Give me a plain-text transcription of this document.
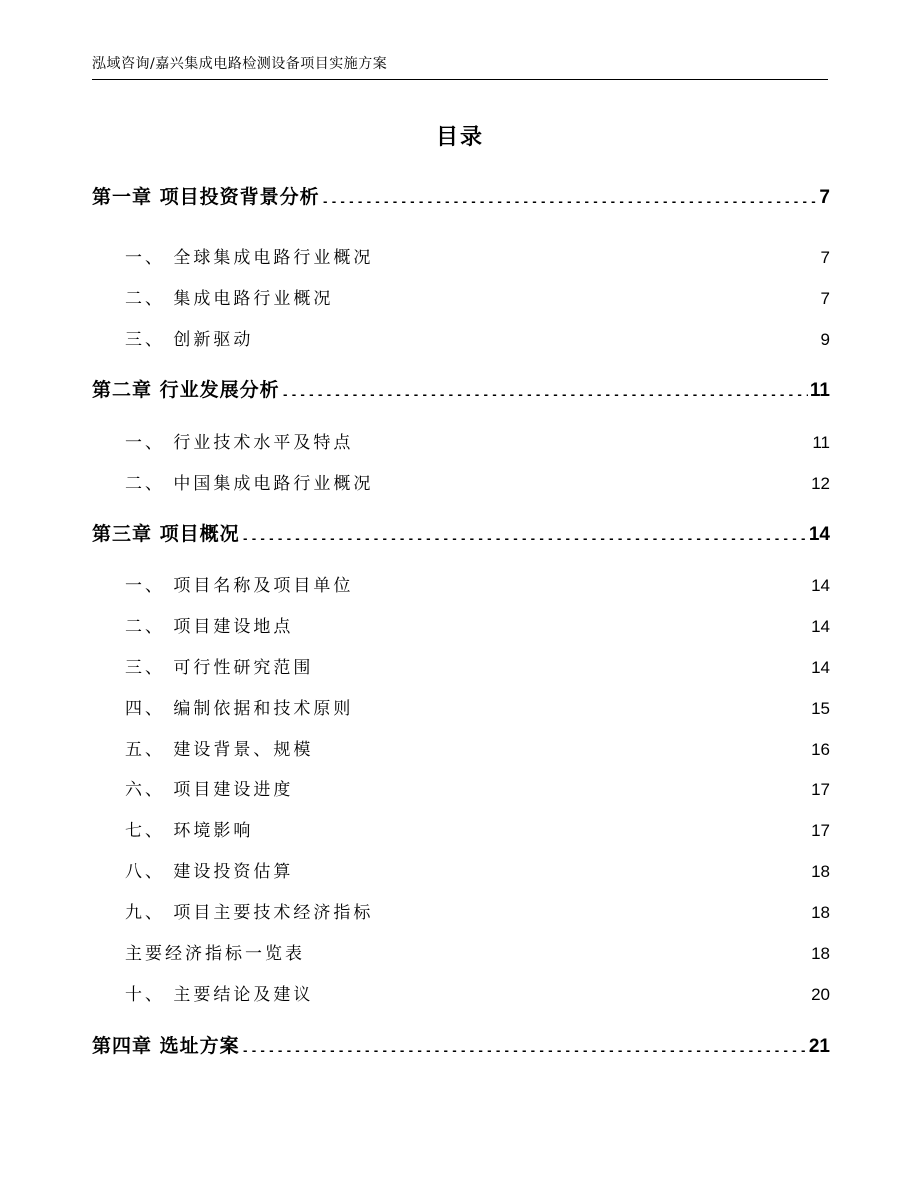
泓域咨询/嘉兴集成电路检测设备项目实施方案
目录
第一章 项目投资背景分析 .....	7
一、 全球集成电路行业概况 .....	7
二、 集成电路行业概况 .....	7
三、 创新驱动 .....	9
第二章 行业发展分析 .....	11
一、 行业技术水平及特点 .....	11
二、 中国集成电路行业概况 .....	12
第三章 项目概况 .....	14
一、 项目名称及项目单位 .....	14
二、 项目建设地点 .....	14
三、 可行性研究范围 .....	14
四、 编制依据和技术原则 .....	15
五、 建设背景、规模 .....	16
六、 项目建设进度 .....	17
七、 环境影响 .....	17
八、 建设投资估算 .....	18
九、 项目主要技术经济指标 .....	18
主要经济指标一览表 .....	18
十、 主要结论及建议 .....	20
第四章 选址方案 .....	21
